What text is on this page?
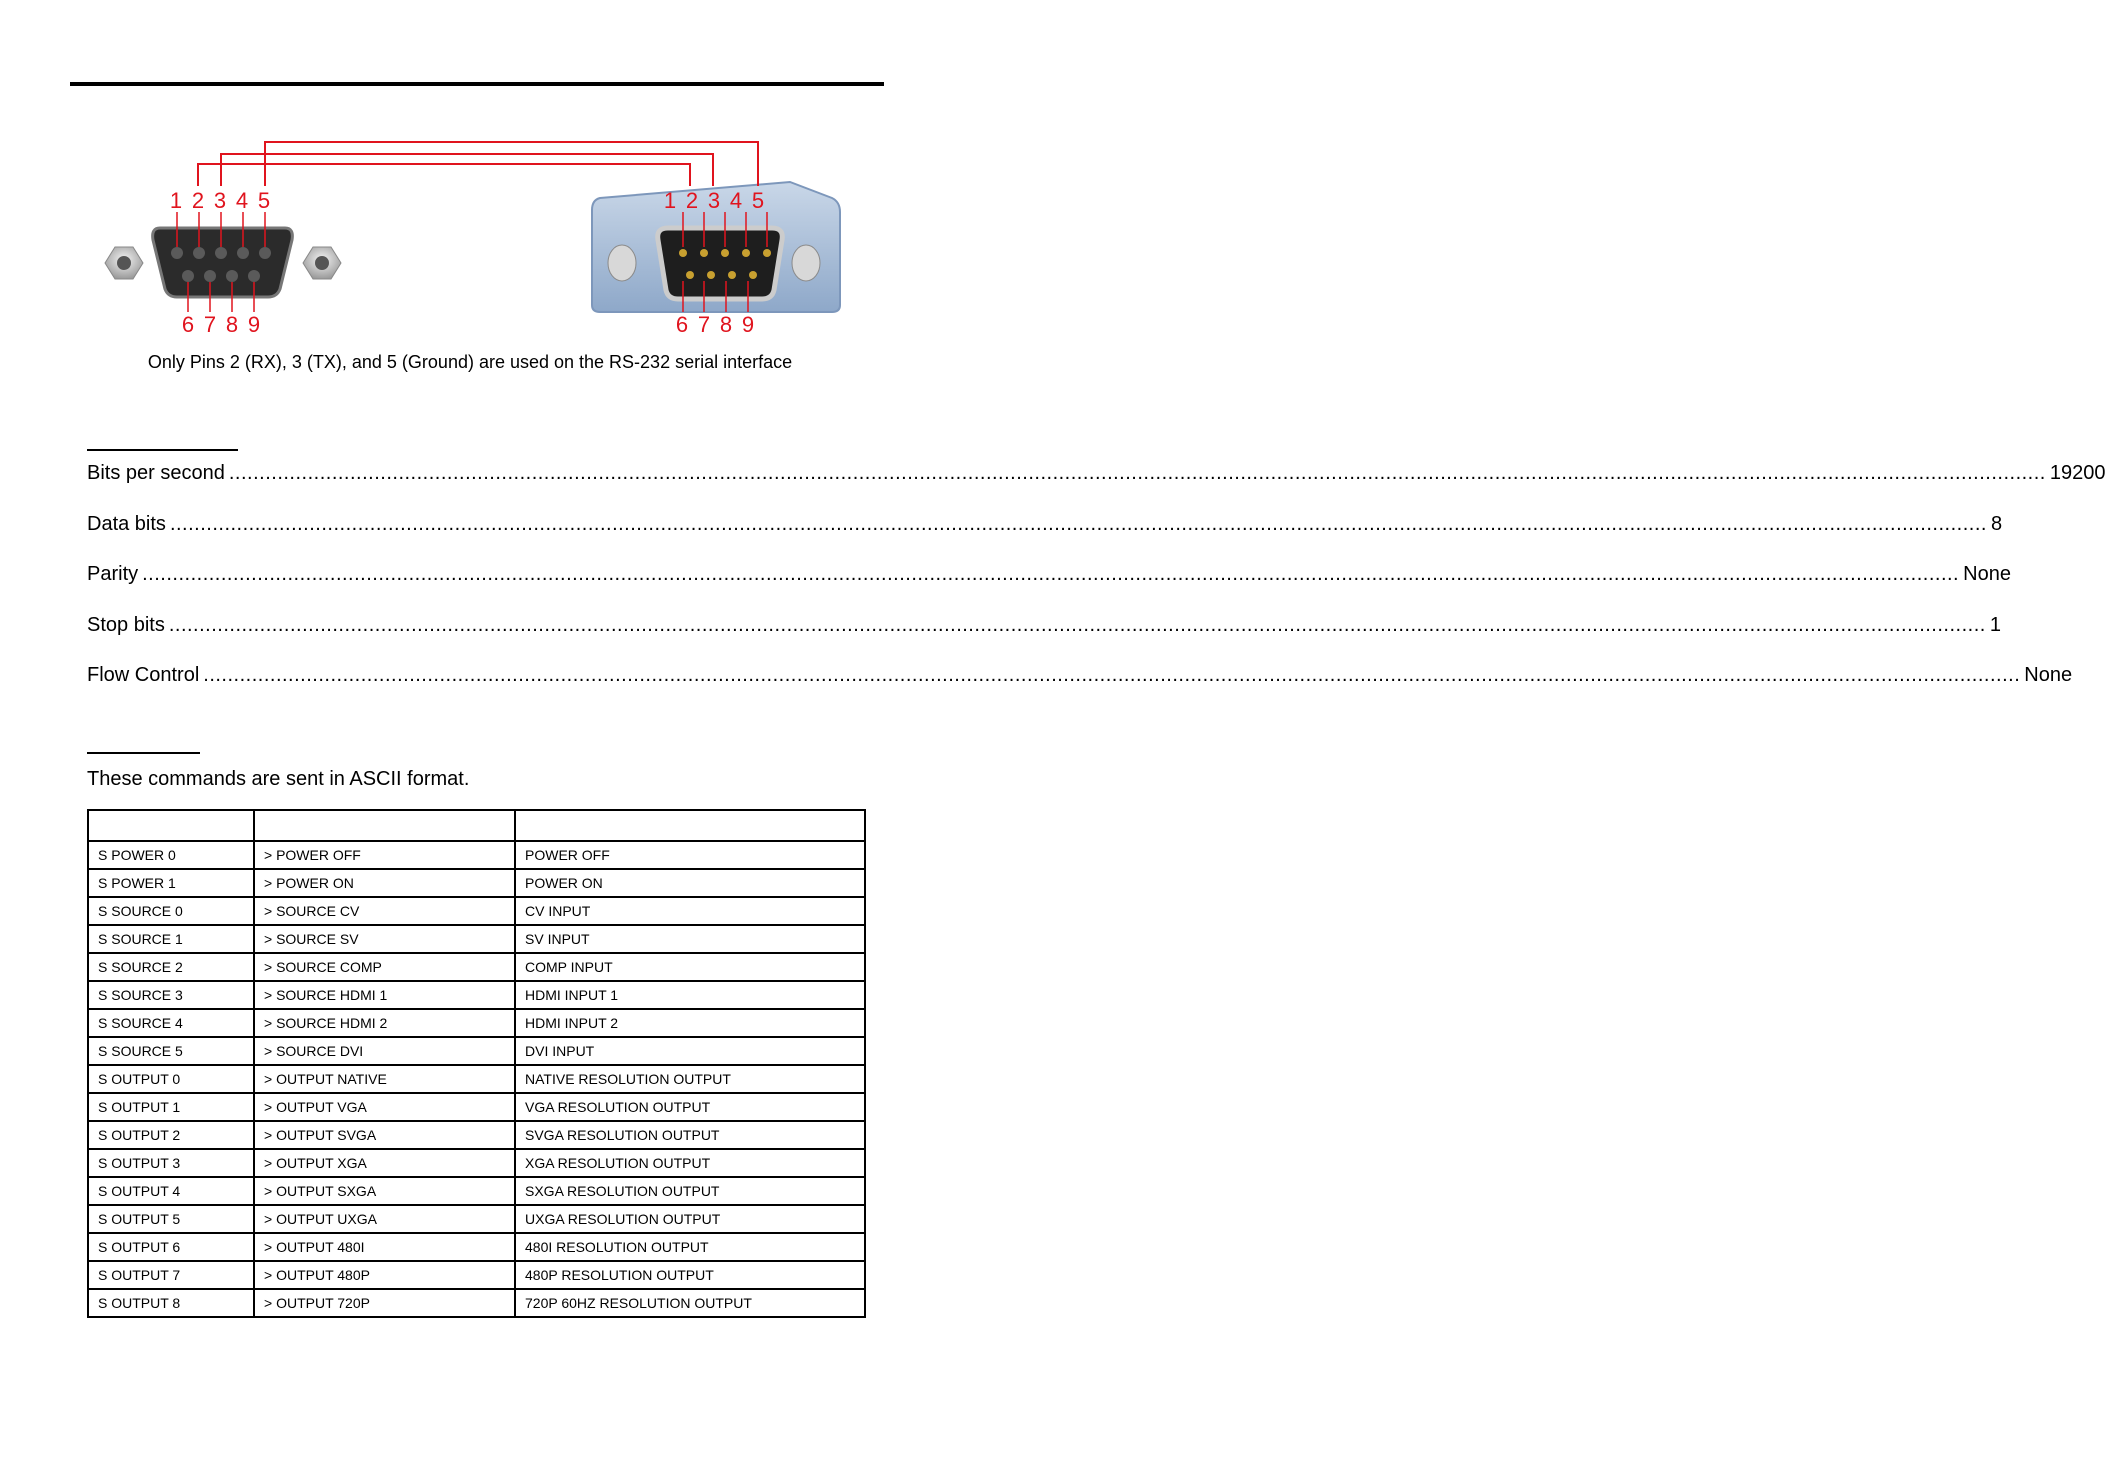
1 2 3 4 5
6 7 8 9
1 2 3 4 5
6 7 8 9
Only Pins 2 (RX), 3 (TX), and 5 (Ground) are used on the RS-232 serial interface
Bits per second ............................................................................................................................................................................................................................................................................................................ 19200
Data bits ............................................................................................................................................................................................................................................................................................................ 8
Parity ............................................................................................................................................................................................................................................................................................................ None
Stop bits ............................................................................................................................................................................................................................................................................................................ 1
Flow Control ............................................................................................................................................................................................................................................................................................................ None
These commands are sent in ASCII format.

S POWER 0	> POWER OFF	POWER OFF
S POWER 1	> POWER ON	POWER ON
S SOURCE 0	> SOURCE CV	CV INPUT
S SOURCE 1	> SOURCE SV	SV INPUT
S SOURCE 2	> SOURCE COMP	COMP INPUT
S SOURCE 3	> SOURCE HDMI 1	HDMI INPUT 1
S SOURCE 4	> SOURCE HDMI 2	HDMI INPUT 2
S SOURCE 5	> SOURCE DVI	DVI INPUT
S OUTPUT 0	> OUTPUT NATIVE	NATIVE RESOLUTION OUTPUT
S OUTPUT 1	> OUTPUT VGA	VGA RESOLUTION OUTPUT
S OUTPUT 2	> OUTPUT SVGA	SVGA RESOLUTION OUTPUT
S OUTPUT 3	> OUTPUT XGA	XGA RESOLUTION OUTPUT
S OUTPUT 4	> OUTPUT SXGA	SXGA RESOLUTION OUTPUT
S OUTPUT 5	> OUTPUT UXGA	UXGA RESOLUTION OUTPUT
S OUTPUT 6	> OUTPUT 480I	480I RESOLUTION OUTPUT
S OUTPUT 7	> OUTPUT 480P	480P RESOLUTION OUTPUT
S OUTPUT 8	> OUTPUT 720P	720P 60HZ RESOLUTION OUTPUT
